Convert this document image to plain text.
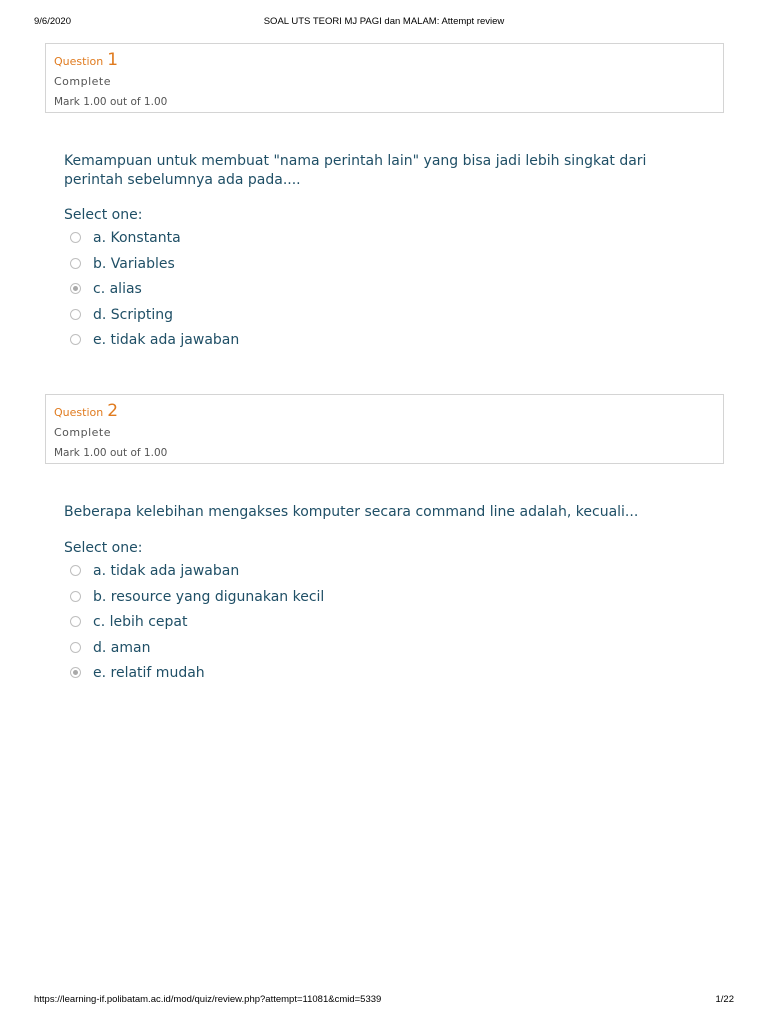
9/6/2020	SOAL UTS TEORI MJ PAGI dan MALAM: Attempt review
Question 1
Complete
Mark 1.00 out of 1.00
Kemampuan untuk membuat "nama perintah lain" yang bisa jadi lebih singkat dari
perintah sebelumnya ada pada....
Select one:
a. Konstanta
b. Variables
c. alias
d. Scripting
e. tidak ada jawaban
Question 2
Complete
Mark 1.00 out of 1.00
Beberapa kelebihan mengakses komputer secara command line adalah, kecuali...
Select one:
a. tidak ada jawaban
b. resource yang digunakan kecil
c. lebih cepat
d. aman
e. relatif mudah
https://learning-if.polibatam.ac.id/mod/quiz/review.php?attempt=11081&cmid=5339	1/22
